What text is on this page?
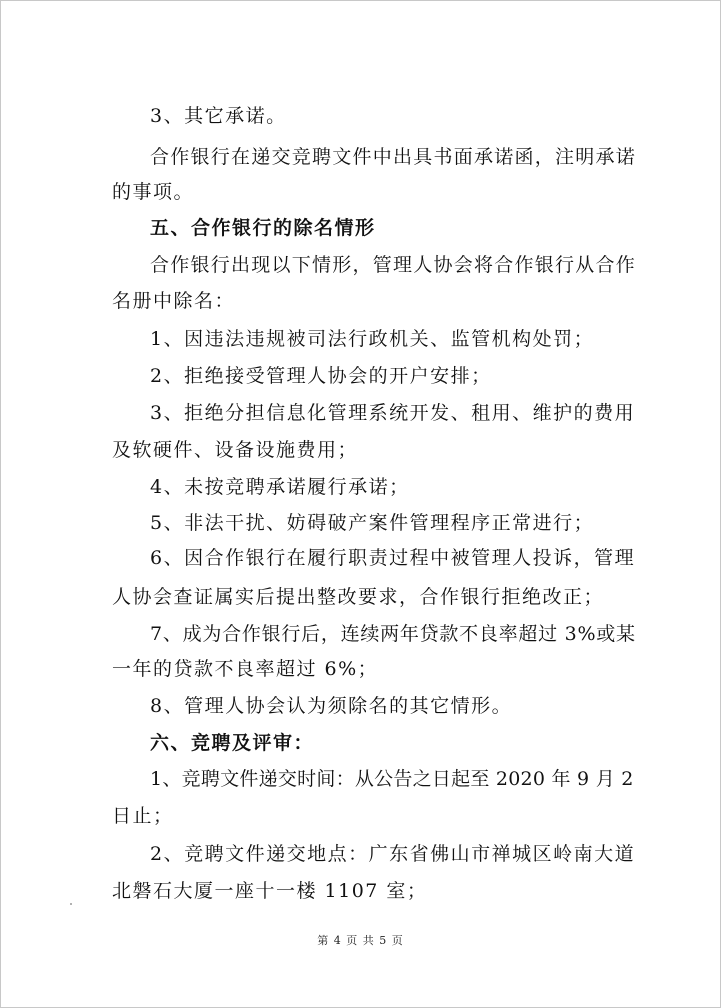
3、其它承诺。
合作银行在递交竞聘文件中出具书面承诺函，注明承诺
的事项。
五、合作银行的除名情形
合作银行出现以下情形，管理人协会将合作银行从合作
名册中除名：
1、因违法违规被司法行政机关、监管机构处罚；
2、拒绝接受管理人协会的开户安排；
3、拒绝分担信息化管理系统开发、租用、维护的费用
及软硬件、设备设施费用；
4、未按竞聘承诺履行承诺；
5、非法干扰、妨碍破产案件管理程序正常进行；
6、因合作银行在履行职责过程中被管理人投诉，管理
人协会查证属实后提出整改要求，合作银行拒绝改正；
7、成为合作银行后，连续两年贷款不良率超过 3%或某
一年的贷款不良率超过 6%；
8、管理人协会认为须除名的其它情形。
六、竞聘及评审：
1、竞聘文件递交时间：从公告之日起至 2020 年 9 月 2
日止；
2、竞聘文件递交地点：广东省佛山市禅城区岭南大道
北磐石大厦一座十一楼 1107 室；
第 4 页 共 5 页
